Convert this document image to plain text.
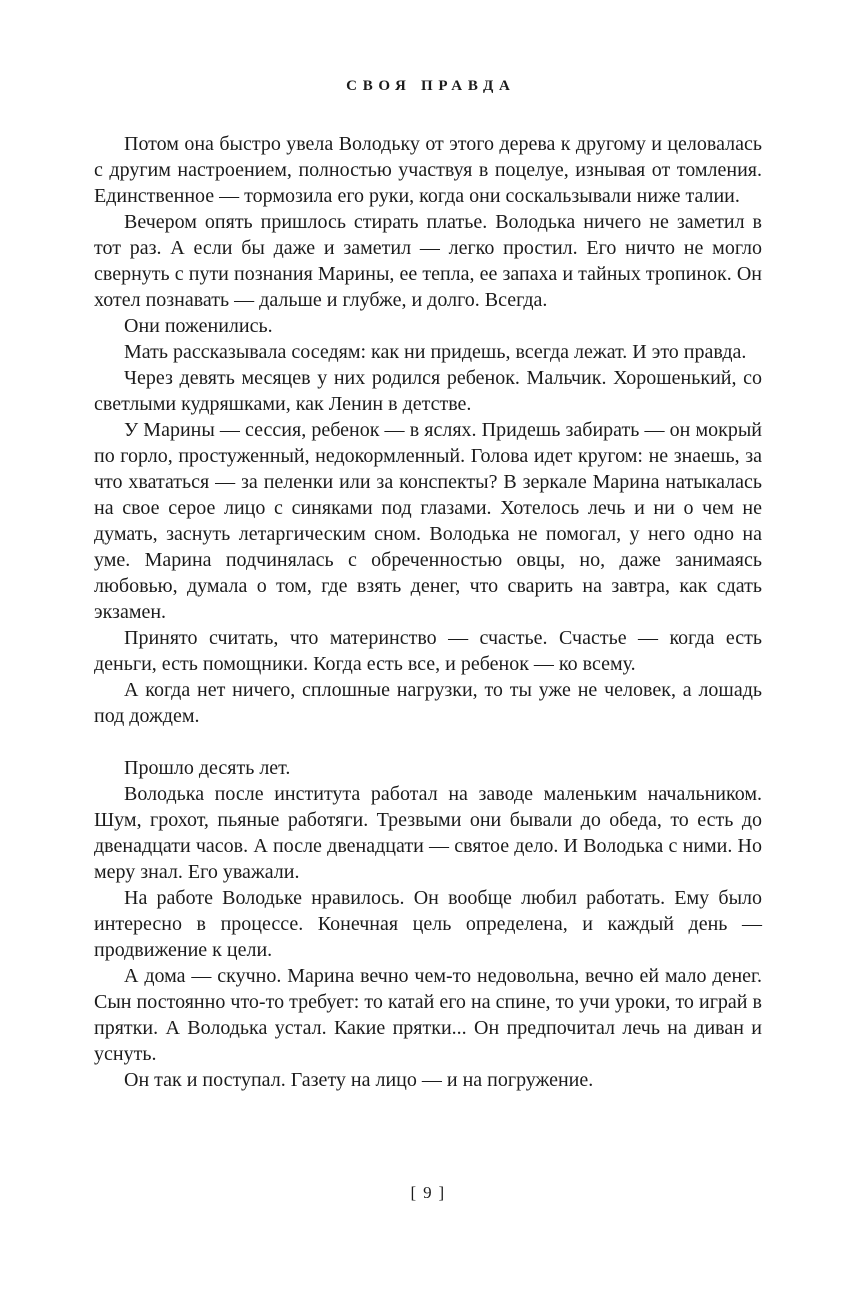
СВОЯ ПРАВДА

Потом она быстро увела Володьку от этого дерева к другому и целовалась с другим настроением, полностью участвуя в поцелуе, изнывая от томления. Единственное — тормозила его руки, когда они соскальзывали ниже талии.

Вечером опять пришлось стирать платье. Володька ничего не заметил в тот раз. А если бы даже и заметил — легко простил. Его ничто не могло свернуть с пути познания Марины, ее тепла, ее запаха и тайных тропинок. Он хотел познавать — дальше и глубже, и долго. Всегда.

Они поженились.

Мать рассказывала соседям: как ни придешь, всегда лежат. И это правда.

Через девять месяцев у них родился ребенок. Мальчик. Хорошенький, со светлыми кудряшками, как Ленин в детстве.

У Марины — сессия, ребенок — в яслях. Придешь забирать — он мокрый по горло, простуженный, недокормленный. Голова идет кругом: не знаешь, за что хвататься — за пеленки или за конспекты? В зеркале Марина натыкалась на свое серое лицо с синяками под глазами. Хотелось лечь и ни о чем не думать, заснуть летаргическим сном. Володька не помогал, у него одно на уме. Марина подчинялась с обреченностью овцы, но, даже занимаясь любовью, думала о том, где взять денег, что сварить на завтра, как сдать экзамен.

Принято считать, что материнство — счастье. Счастье — когда есть деньги, есть помощники. Когда есть все, и ребенок — ко всему.

А когда нет ничего, сплошные нагрузки, то ты уже не человек, а лошадь под дождем.

Прошло десять лет.

Володька после института работал на заводе маленьким начальником. Шум, грохот, пьяные работяги. Трезвыми они бывали до обеда, то есть до двенадцати часов. А после двенадцати — святое дело. И Володька с ними. Но меру знал. Его уважали.

На работе Володьке нравилось. Он вообще любил работать. Ему было интересно в процессе. Конечная цель определена, и каждый день — продвижение к цели.

А дома — скучно. Марина вечно чем-то недовольна, вечно ей мало денег. Сын постоянно что-то требует: то катай его на спине, то учи уроки, то играй в прятки. А Володька устал. Какие прятки... Он предпочитал лечь на диван и уснуть.

Он так и поступал. Газету на лицо — и на погружение.

[ 9 ]
